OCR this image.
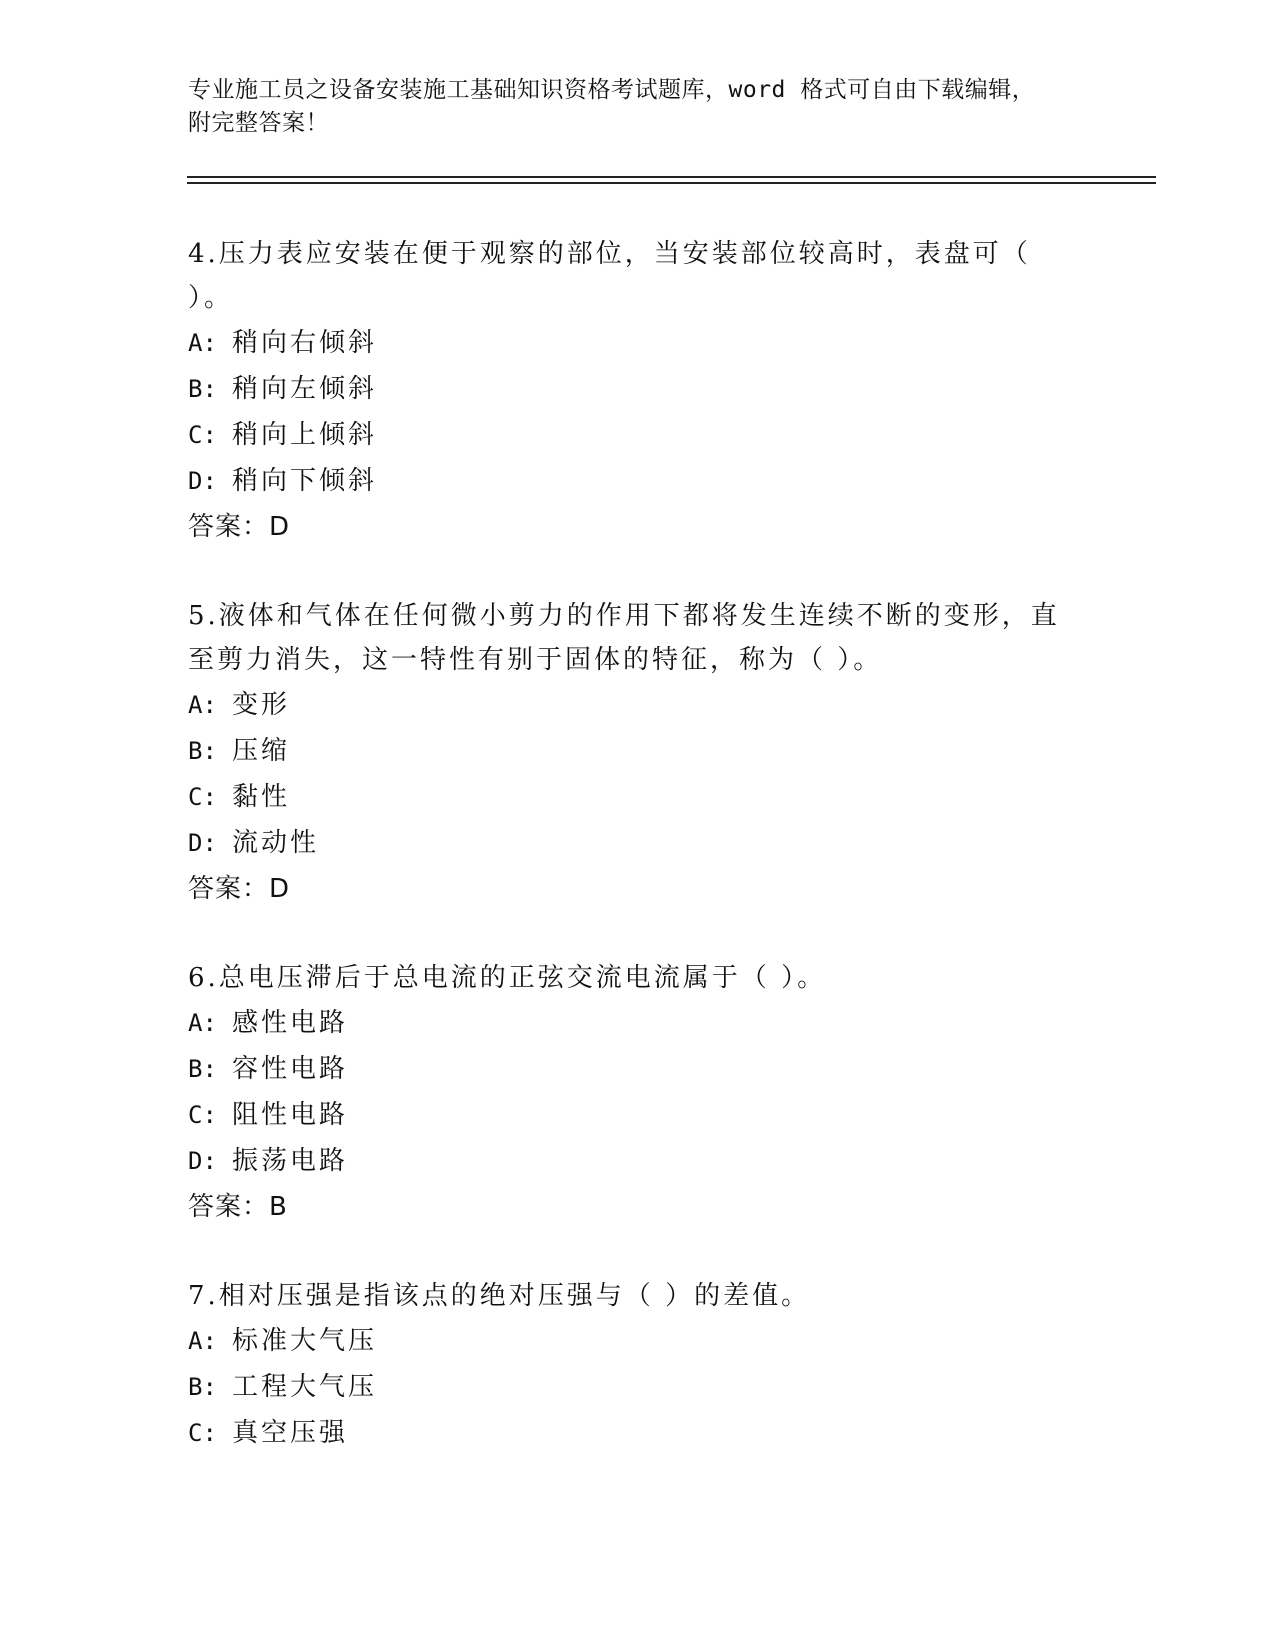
专业施工员之设备安装施工基础知识资格考试题库，word 格式可自由下载编辑，
附完整答案！
4.压力表应安装在便于观察的部位，当安装部位较高时，表盘可（ ）。
A: 稍向右倾斜
B: 稍向左倾斜
C: 稍向上倾斜
D: 稍向下倾斜
答案：D
5.液体和气体在任何微小剪力的作用下都将发生连续不断的变形，直至剪力消失，这一特性有别于固体的特征，称为（ ）。
A: 变形
B: 压缩
C: 黏性
D: 流动性
答案：D
6.总电压滞后于总电流的正弦交流电流属于（ ）。
A: 感性电路
B: 容性电路
C: 阻性电路
D: 振荡电路
答案：B
7.相对压强是指该点的绝对压强与（ ）的差值。
A: 标准大气压
B: 工程大气压
C: 真空压强
